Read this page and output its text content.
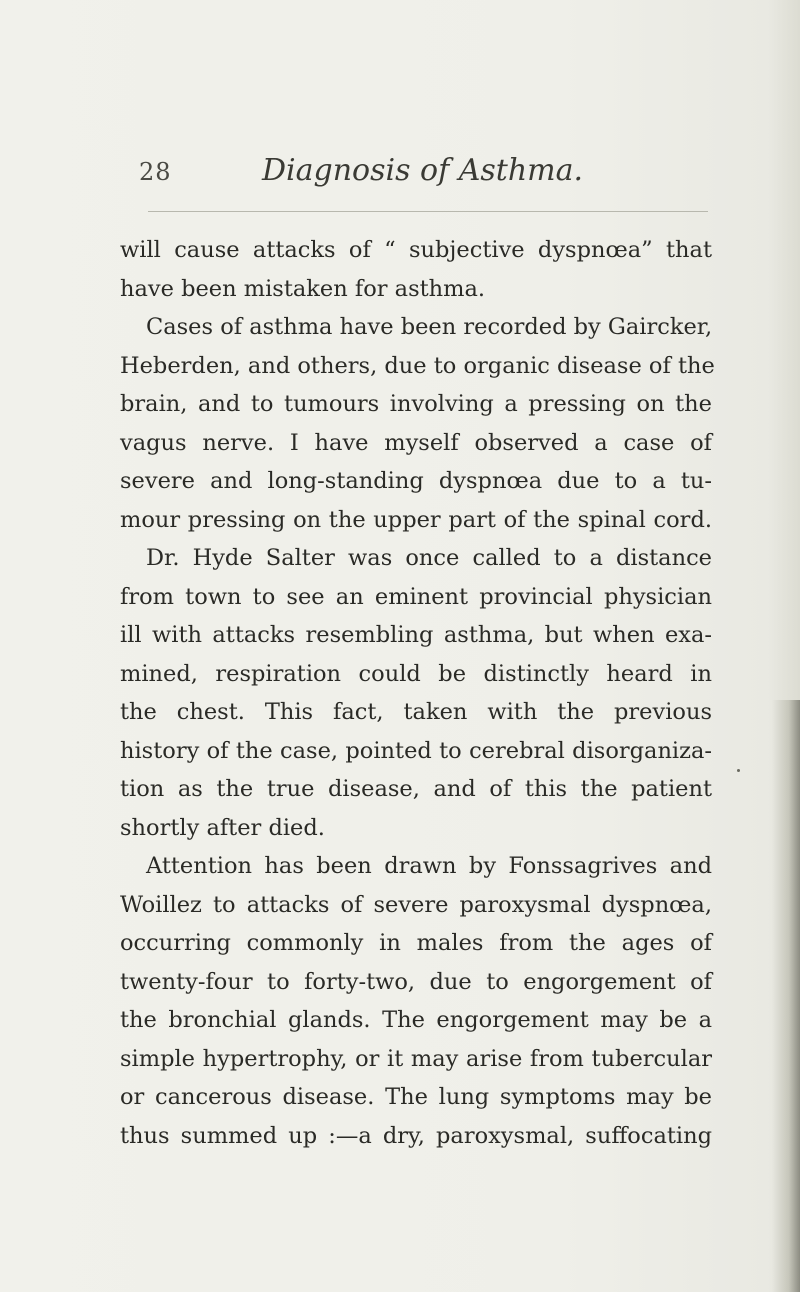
28	Diagnosis of Asthma.
will cause attacks of “ subjective dyspnœa” that
have been mistaken for asthma.
Cases of asthma have been recorded by Gaircker,
Heberden, and others, due to organic disease of the
brain, and to tumours involving a pressing on the
vagus nerve. I have myself observed a case of
severe and long-standing dyspnœa due to a tu-
mour pressing on the upper part of the spinal cord.
Dr. Hyde Salter was once called to a distance
from town to see an eminent provincial physician
ill with attacks resembling asthma, but when exa-
mined, respiration could be distinctly heard in
the chest. This fact, taken with the previous
history of the case, pointed to cerebral disorganiza-
tion as the true disease, and of this the patient
shortly after died.
Attention has been drawn by Fonssagrives and
Woillez to attacks of severe paroxysmal dyspnœa,
occurring commonly in males from the ages of
twenty-four to forty-two, due to engorgement of
the bronchial glands. The engorgement may be a
simple hypertrophy, or it may arise from tubercular
or cancerous disease. The lung symptoms may be
thus summed up :—a dry, paroxysmal, suffocating
